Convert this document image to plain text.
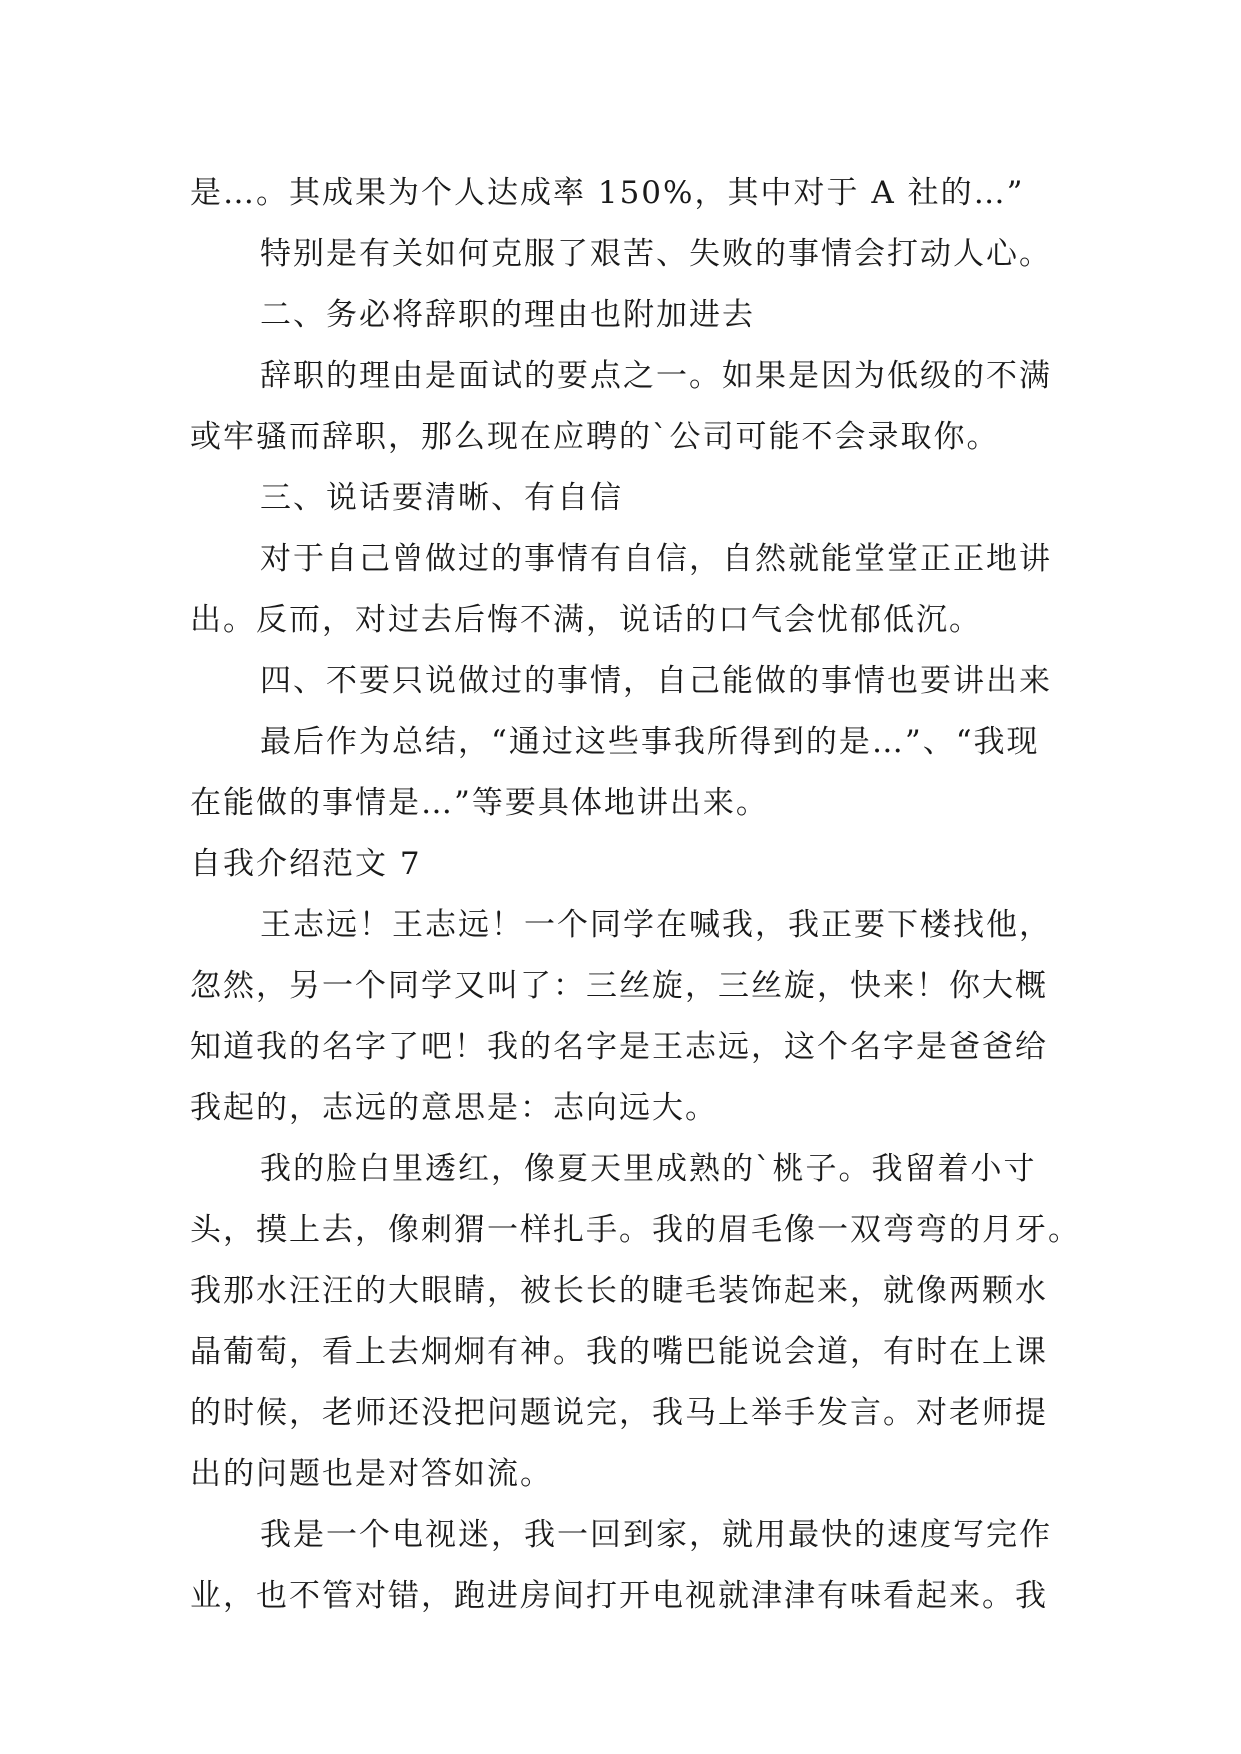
是…。其成果为个人达成率 150%，其中对于 A 社的…”
特别是有关如何克服了艰苦、失败的事情会打动人心。
二、务必将辞职的理由也附加进去
辞职的理由是面试的要点之一。如果是因为低级的不满
或牢骚而辞职，那么现在应聘的`公司可能不会录取你。
三、说话要清晰、有自信
对于自己曾做过的事情有自信，自然就能堂堂正正地讲
出。反而，对过去后悔不满，说话的口气会忧郁低沉。
四、不要只说做过的事情，自己能做的事情也要讲出来
最后作为总结，“通过这些事我所得到的是…”、“我现
在能做的事情是…”等要具体地讲出来。
自我介绍范文 7
王志远！王志远！一个同学在喊我，我正要下楼找他，
忽然，另一个同学又叫了：三丝旋，三丝旋，快来！你大概
知道我的名字了吧！我的名字是王志远，这个名字是爸爸给
我起的，志远的意思是：志向远大。
我的脸白里透红，像夏天里成熟的`桃子。我留着小寸
头，摸上去，像刺猬一样扎手。我的眉毛像一双弯弯的月牙。
我那水汪汪的大眼睛，被长长的睫毛装饰起来，就像两颗水
晶葡萄，看上去炯炯有神。我的嘴巴能说会道，有时在上课
的时候，老师还没把问题说完，我马上举手发言。对老师提
出的问题也是对答如流。
我是一个电视迷，我一回到家，就用最快的速度写完作
业，也不管对错，跑进房间打开电视就津津有味看起来。我
